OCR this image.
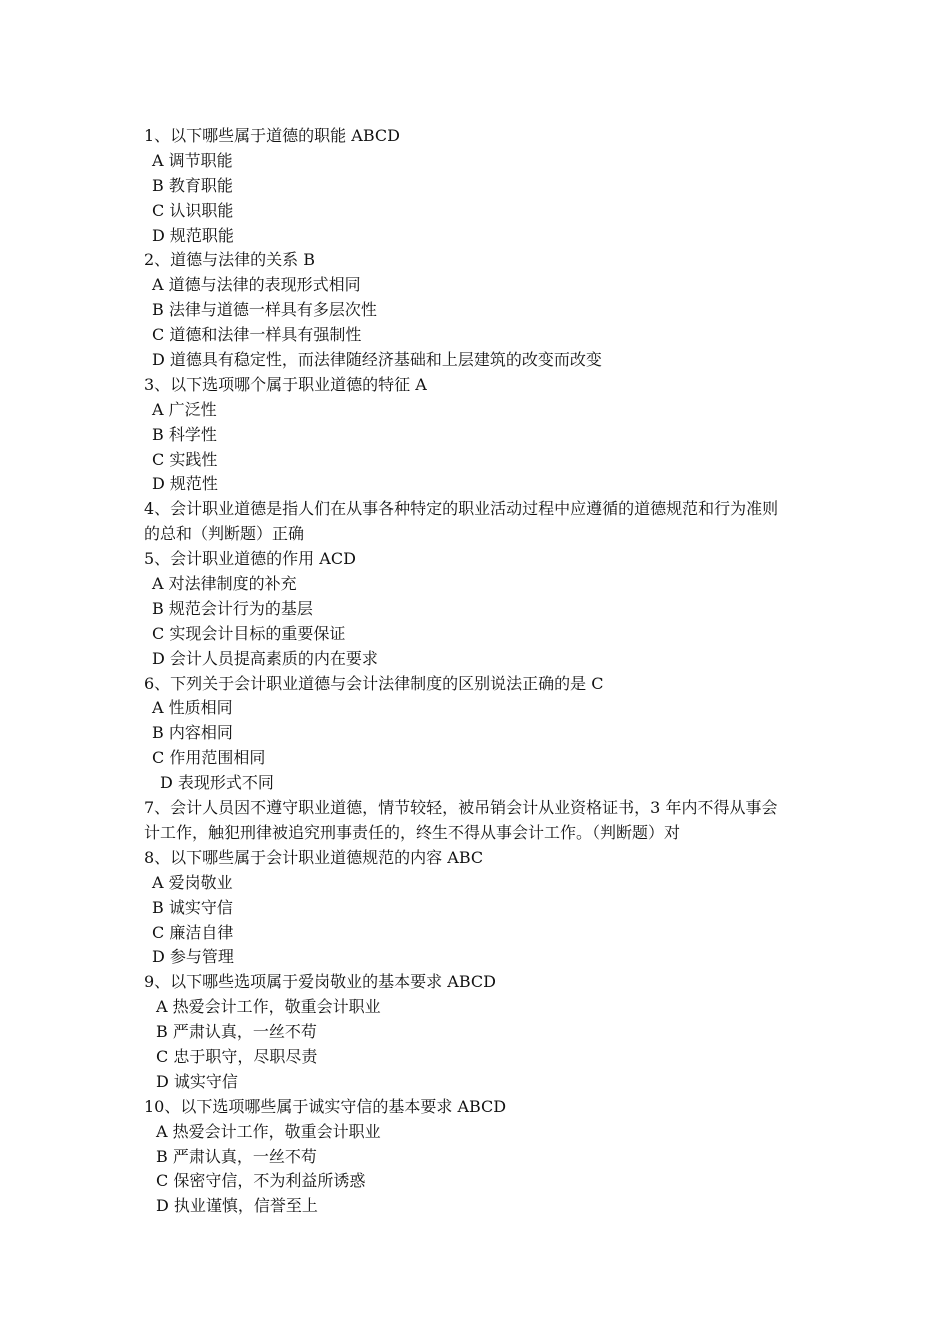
1、以下哪些属于道德的职能 ABCD
A 调节职能
B 教育职能
C 认识职能
D 规范职能
2、道德与法律的关系 B
A 道德与法律的表现形式相同
B 法律与道德一样具有多层次性
C 道德和法律一样具有强制性
D 道德具有稳定性，而法律随经济基础和上层建筑的改变而改变
3、以下选项哪个属于职业道德的特征 A
A 广泛性
B 科学性
C 实践性
D 规范性
4、会计职业道德是指人们在从事各种特定的职业活动过程中应遵循的道德规范和行为准则
的总和（判断题）正确
5、会计职业道德的作用 ACD
A 对法律制度的补充
B 规范会计行为的基层
C 实现会计目标的重要保证
D 会计人员提高素质的内在要求
6、下列关于会计职业道德与会计法律制度的区别说法正确的是 C
A 性质相同
B 内容相同
C 作用范围相同
D 表现形式不同
7、会计人员因不遵守职业道德，情节较轻，被吊销会计从业资格证书，3 年内不得从事会
计工作，触犯刑律被追究刑事责任的，终生不得从事会计工作。（判断题）对
8、以下哪些属于会计职业道德规范的内容 ABC
A 爱岗敬业
B 诚实守信
C 廉洁自律
D 参与管理
9、以下哪些选项属于爱岗敬业的基本要求 ABCD
A 热爱会计工作，敬重会计职业
B 严肃认真，一丝不苟
C 忠于职守，尽职尽责
D 诚实守信
10、以下选项哪些属于诚实守信的基本要求 ABCD
A 热爱会计工作，敬重会计职业
B 严肃认真，一丝不苟
C 保密守信，不为利益所诱惑
D 执业谨慎，信誉至上
